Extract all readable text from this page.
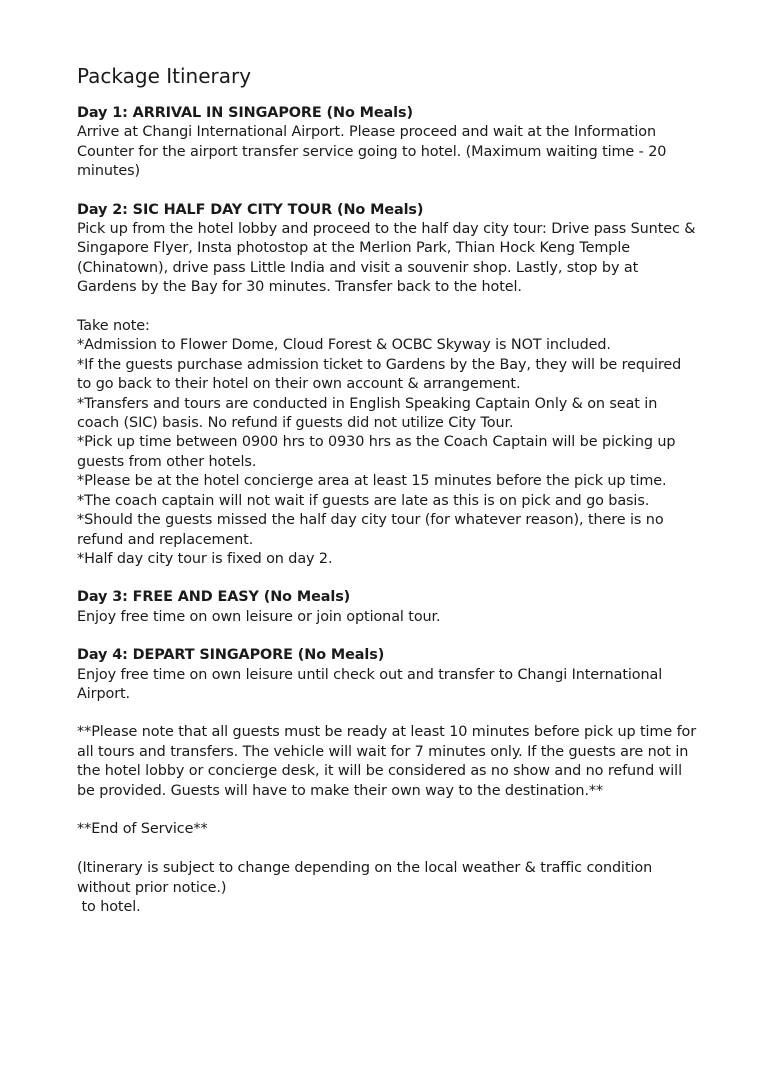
Package Itinerary

Day 1: ARRIVAL IN SINGAPORE (No Meals)

Arrive at Changi International Airport. Please proceed and wait at the Information Counter for the airport transfer service going to hotel. (Maximum waiting time - 20 minutes)

Day 2: SIC HALF DAY CITY TOUR (No Meals)

Pick up from the hotel lobby and proceed to the half day city tour: Drive pass Suntec & Singapore Flyer, Insta photostop at the Merlion Park, Thian Hock Keng Temple (Chinatown), drive pass Little India and visit a souvenir shop. Lastly, stop by at Gardens by the Bay for 30 minutes. Transfer back to the hotel.

Take note:

*Admission to Flower Dome, Cloud Forest & OCBC Skyway is NOT included.

*If the guests purchase admission ticket to Gardens by the Bay, they will be required to go back to their hotel on their own account & arrangement.

*Transfers and tours are conducted in English Speaking Captain Only & on seat in coach (SIC) basis. No refund if guests did not utilize City Tour.

*Pick up time between 0900 hrs to 0930 hrs as the Coach Captain will be picking up guests from other hotels.

*Please be at the hotel concierge area at least 15 minutes before the pick up time.

*The coach captain will not wait if guests are late as this is on pick and go basis.

*Should the guests missed the half day city tour (for whatever reason), there is no refund and replacement.

*Half day city tour is fixed on day 2.

Day 3: FREE AND EASY (No Meals)

Enjoy free time on own leisure or join optional tour.

Day 4: DEPART SINGAPORE (No Meals)

Enjoy free time on own leisure until check out and transfer to Changi International Airport.

**Please note that all guests must be ready at least 10 minutes before pick up time for all tours and transfers. The vehicle will wait for 7 minutes only. If the guests are not in the hotel lobby or concierge desk, it will be considered as no show and no refund will be provided. Guests will have to make their own way to the destination.**

**End of Service**

(Itinerary is subject to change depending on the local weather & traffic condition without prior notice.)

to hotel.
